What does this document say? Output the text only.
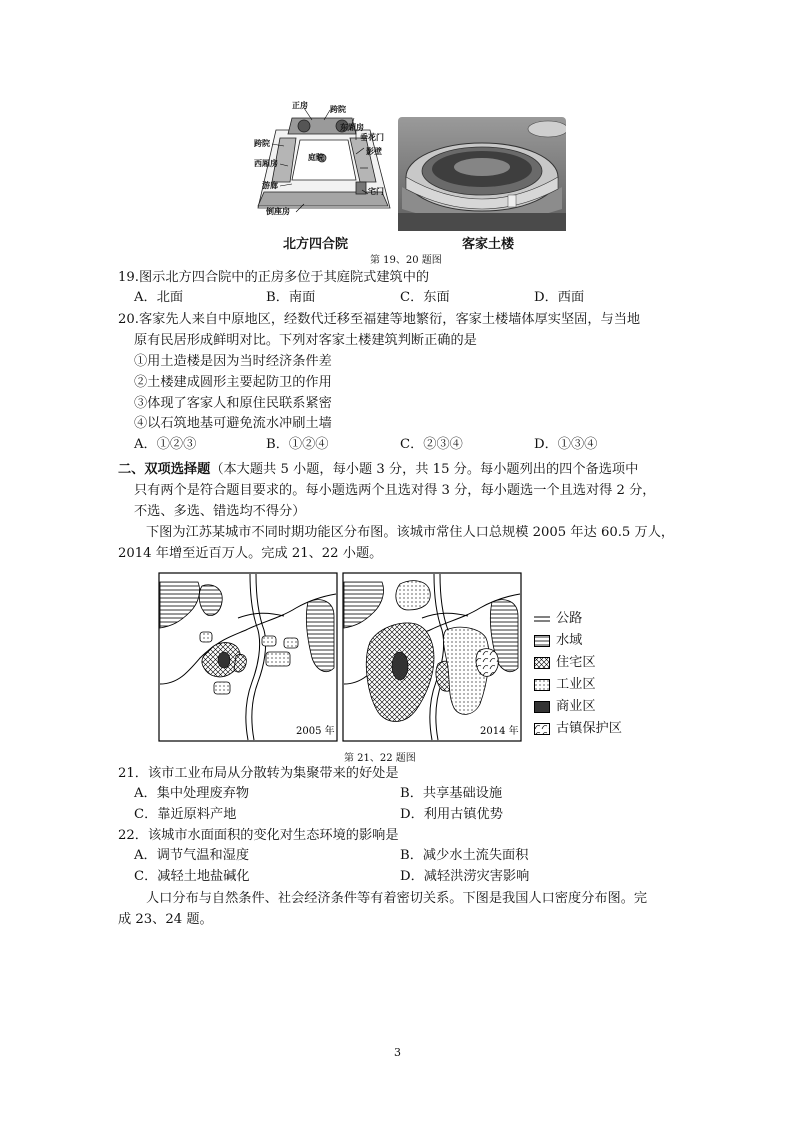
正房	跨院
东厢房
垂花门
影壁
跨院
庭院
西厢房
游廊
宅门
倒座房
北方四合院	客家土楼
第 19、20 题图
19.图示北方四合院中的正房多位于其庭院式建筑中的
A．北面	B．南面	C．东面	D．西面
20.客家先人来自中原地区，经数代迁移至福建等地繁衍，客家土楼墙体厚实坚固，与当地
原有民居形成鲜明对比。下列对客家土楼建筑判断正确的是
①用土造楼是因为当时经济条件差
②土楼建成圆形主要起防卫的作用
③体现了客家人和原住民联系紧密
④以石筑地基可避免流水冲刷土墙
A．①②③	B．①②④	C．②③④	D．①③④
二、双项选择题（本大题共 5 小题，每小题 3 分，共 15 分。每小题列出的四个备选项中
只有两个是符合题目要求的。每小题选两个且选对得 3 分，每小题选一个且选对得 2 分，
不选、多选、错选均不得分）
下图为江苏某城市不同时期功能区分布图。该城市常住人口总规模 2005 年达 60.5 万人，
2014 年增至近百万人。完成 21、22 小题。
2005 年	2014 年
公路
水域
住宅区
工业区
商业区
古镇保护区
第 21、22 题图
21．该市工业布局从分散转为集聚带来的好处是
A．集中处理废弃物	B．共享基础设施
C．靠近原料产地	D．利用古镇优势
22．该城市水面面积的变化对生态环境的影响是
A．调节气温和湿度	B．减少水土流失面积
C．减轻土地盐碱化	D．减轻洪涝灾害影响
人口分布与自然条件、社会经济条件等有着密切关系。下图是我国人口密度分布图。完
成 23、24 题。
3
